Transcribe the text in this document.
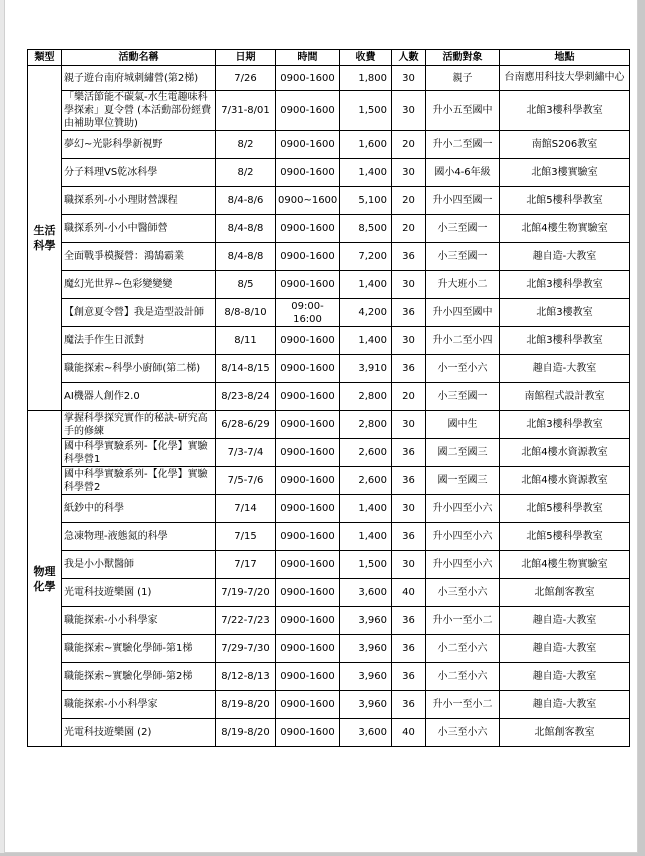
類型	活動名稱	日期	時間	收費	人數	活動對象	地點
生活
科學	親子遊台南府城刺繡營(第2梯)	7/26	0900-1600	1,800	30	親子	台南應用科技大學刺繡中心
	「樂活節能不碳氣-水生電趣味科學探索」夏令營 (本活動部份經費由補助單位贊助)	7/31-8/01	0900-1600	1,500	30	升小五至國中	北館3樓科學教室
	夢幻~光影科學新視野	8/2	0900-1600	1,600	20	升小二至國一	南館S206教室
	分子料理VS乾冰科學	8/2	0900-1600	1,400	30	國小4-6年級	北館3樓實驗室
	職探系列-小小理財營課程	8/4-8/6	0900~1600	5,100	20	升小四至國一	北館5樓科學教室
	職探系列-小小中醫師營	8/4-8/8	0900-1600	8,500	20	小三至國一	北館4樓生物實驗室
	全面戰爭模擬營：鴻鵠霸業	8/4-8/8	0900-1600	7,200	36	小三至國一	趣自造-大教室
	魔幻光世界~色彩變變變	8/5	0900-1600	1,400	30	升大班小二	北館3樓科學教室
	【創意夏令營】我是造型設計師	8/8-8/10	09:00-16:00	4,200	36	升小四至國中	北館3樓教室
	魔法手作生日派對	8/11	0900-1600	1,400	30	升小二至小四	北館3樓科學教室
	職能探索~科學小廚師(第二梯)	8/14-8/15	0900-1600	3,910	36	小一至小六	趣自造-大教室
	AI機器人創作2.0	8/23-8/24	0900-1600	2,800	20	小三至國一	南館程式設計教室
物理
化學	掌握科學探究實作的秘訣-研究高手的修練	6/28-6/29	0900-1600	2,800	30	國中生	北館3樓科學教室
	國中科學實驗系列-【化學】實驗科學營1	7/3-7/4	0900-1600	2,600	36	國二至國三	北館4樓水資源教室
	國中科學實驗系列-【化學】實驗科學營2	7/5-7/6	0900-1600	2,600	36	國一至國三	北館4樓水資源教室
	紙鈔中的科學	7/14	0900-1600	1,400	30	升小四至小六	北館5樓科學教室
	急凍物理-液態氮的科學	7/15	0900-1600	1,400	36	升小四至小六	北館5樓科學教室
	我是小小獸醫師	7/17	0900-1600	1,500	30	升小四至小六	北館4樓生物實驗室
	光電科技遊樂園 (1)	7/19-7/20	0900-1600	3,600	40	小三至小六	北館創客教室
	職能探索-小小科學家	7/22-7/23	0900-1600	3,960	36	升小一至小二	趣自造-大教室
	職能探索~實驗化學師-第1梯	7/29-7/30	0900-1600	3,960	36	小二至小六	趣自造-大教室
	職能探索~實驗化學師-第2梯	8/12-8/13	0900-1600	3,960	36	小二至小六	趣自造-大教室
	職能探索-小小科學家	8/19-8/20	0900-1600	3,960	36	升小一至小二	趣自造-大教室
	光電科技遊樂園 (2)	8/19-8/20	0900-1600	3,600	40	小三至小六	北館創客教室
